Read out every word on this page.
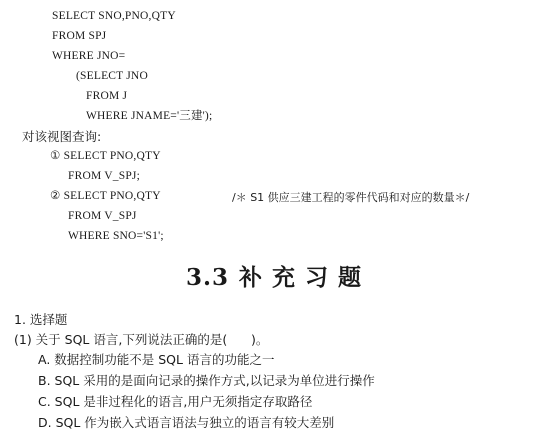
SELECT SNO,PNO,QTY
FROM SPJ
WHERE JNO=
(SELECT JNO
FROM J
WHERE JNAME='三建');
对该视图查询:
① SELECT PNO,QTY
FROM V_SPJ;
② SELECT PNO,QTY	/＊ S1 供应三建工程的零件代码和对应的数量＊/
FROM V_SPJ
WHERE SNO='S1';
3.3 补充习题
1. 选择题
(1) 关于 SQL 语言,下列说法正确的是(      )。
A. 数据控制功能不是 SQL 语言的功能之一
B. SQL 采用的是面向记录的操作方式,以记录为单位进行操作
C. SQL 是非过程化的语言,用户无须指定存取路径
D. SQL 作为嵌入式语言语法与独立的语言有较大差别
